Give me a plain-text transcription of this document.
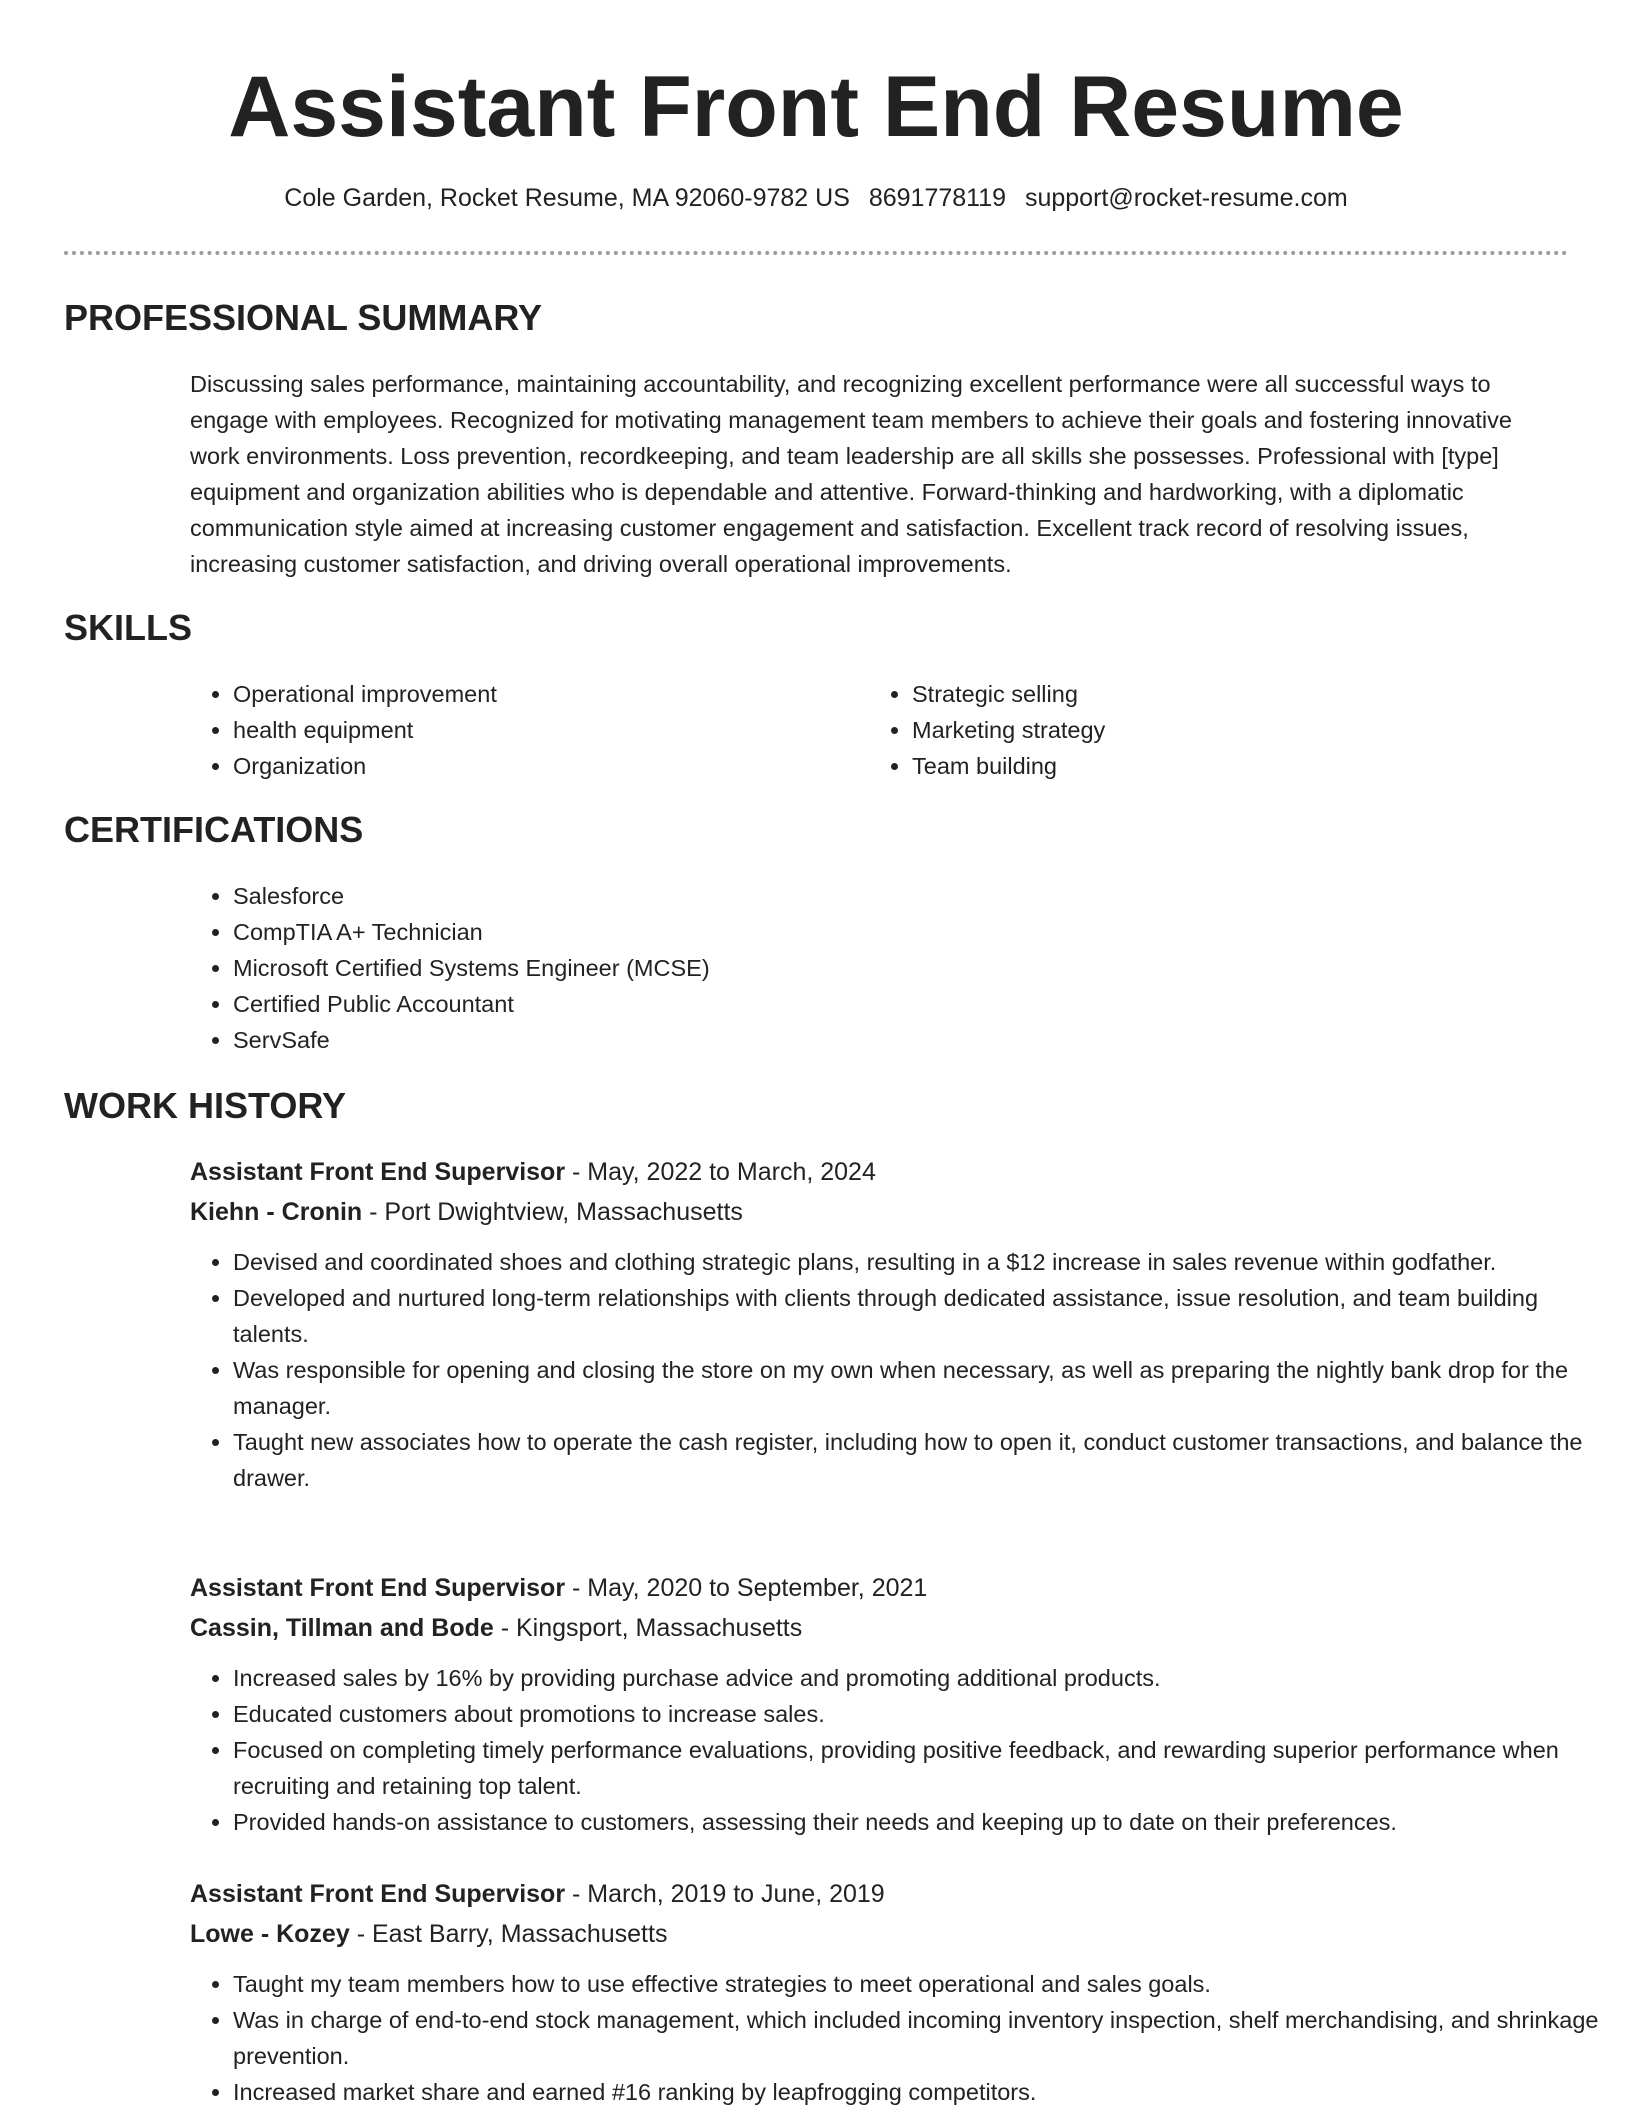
Assistant Front End Resume
Cole Garden, Rocket Resume, MA 92060-9782 US 8691778119 support@rocket-resume.com
PROFESSIONAL SUMMARY

Discussing sales performance, maintaining accountability, and recognizing excellent performance were all successful ways to engage with employees. Recognized for motivating management team members to achieve their goals and fostering innovative work environments. Loss prevention, recordkeeping, and team leadership are all skills she possesses. Professional with [type] equipment and organization abilities who is dependable and attentive. Forward-thinking and hardworking, with a diplomatic communication style aimed at increasing customer engagement and satisfaction. Excellent track record of resolving issues, increasing customer satisfaction, and driving overall operational improvements.

SKILLS
• Operational improvement
• health equipment
• Organization
• Strategic selling
• Marketing strategy
• Team building
CERTIFICATIONS
• Salesforce
• CompTIA A+ Technician
• Microsoft Certified Systems Engineer (MCSE)
• Certified Public Accountant
• ServSafe
WORK HISTORY
Assistant Front End Supervisor - May, 2022 to March, 2024
Kiehn - Cronin - Port Dwightview, Massachusetts
• Devised and coordinated shoes and clothing strategic plans, resulting in a $12 increase in sales revenue within godfather.
• Developed and nurtured long-term relationships with clients through dedicated assistance, issue resolution, and team building talents.
• Was responsible for opening and closing the store on my own when necessary, as well as preparing the nightly bank drop for the manager.
• Taught new associates how to operate the cash register, including how to open it, conduct customer transactions, and balance the drawer.
Assistant Front End Supervisor - May, 2020 to September, 2021
Cassin, Tillman and Bode - Kingsport, Massachusetts
• Increased sales by 16% by providing purchase advice and promoting additional products.
• Educated customers about promotions to increase sales.
• Focused on completing timely performance evaluations, providing positive feedback, and rewarding superior performance when recruiting and retaining top talent.
• Provided hands-on assistance to customers, assessing their needs and keeping up to date on their preferences.
Assistant Front End Supervisor - March, 2019 to June, 2019
Lowe - Kozey - East Barry, Massachusetts
• Taught my team members how to use effective strategies to meet operational and sales goals.
• Was in charge of end-to-end stock management, which included incoming inventory inspection, shelf merchandising, and shrinkage prevention.
• Increased market share and earned #16 ranking by leapfrogging competitors.
